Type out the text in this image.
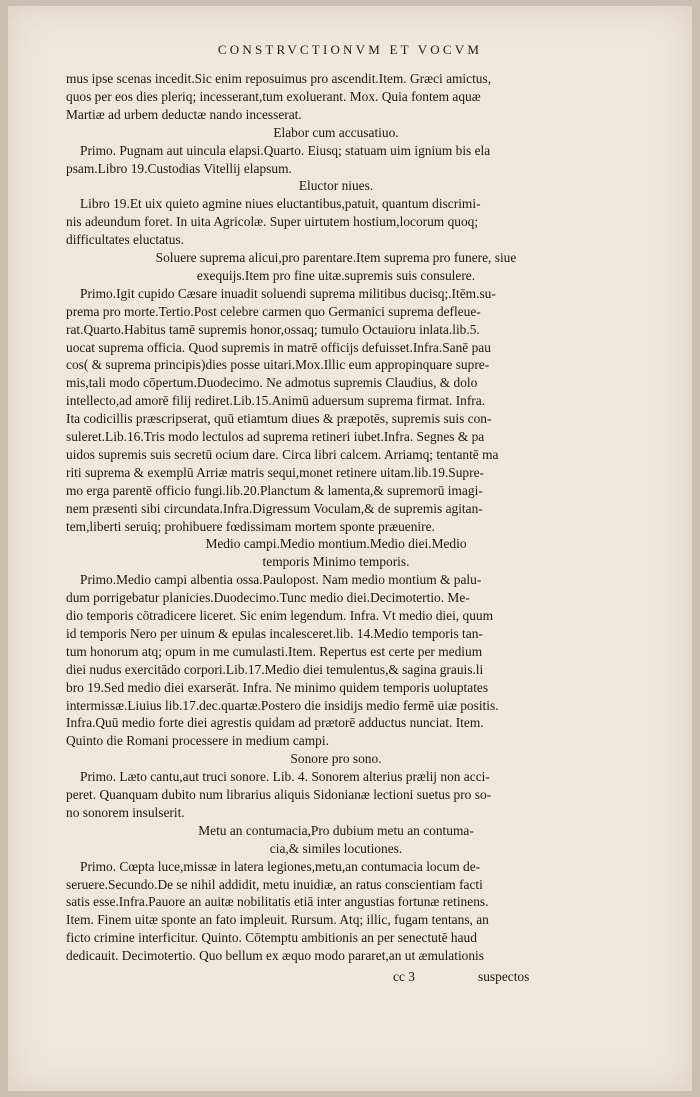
CONSTRVCTIONVM ET VOCVM
mus ipse scenas incedit.Sic enim reposuimus pro ascendit.Item. Græci amictus,
quos per eos dies pleriq; incesserant,tum exoluerant. Mox. Quia fontem aquæ
Martiæ ad urbem deductæ nando incesserat.
Elabor cum accusatiuo.
Primo. Pugnam aut uincula elapsi.Quarto. Eiusq; statuam uim ignium bis ela
psam.Libro 19.Custodias Vitellij elapsum.
Eluctor niues.
Libro 19.Et uix quieto agmine niues eluctantibus,patuit, quantum discrimi-
nis adeundum foret. In uita Agricolæ. Super uirtutem hostium,locorum quoq;
difficultates eluctatus.
Soluere suprema alicui,pro parentare.Item suprema pro funere, siue
exequijs.Item pro fine uitæ.supremis suis consulere.
Primo.Igit cupido Cæsare inuadit soluendi suprema militibus ducisq;.Itēm.su-
prema pro morte.Tertio.Post celebre carmen quo Germanici suprema defleue-
rat.Quarto.Habitus tamē supremis honor,ossaq; tumulo Octauioru inlata.lib.5.
uocat suprema officia. Quod supremis in matrē officijs defuisset.Infra.Sanē pau
cos( & suprema principis)dies posse uitari.Mox.Illic eum appropinquare supre-
mis,tali modo cōpertum.Duodecimo. Ne admotus supremis Claudius, & dolo
intellecto,ad amorē filij rediret.Lib.15.Animū aduersum suprema firmat. Infra.
Ita codicillis præscripserat, quū etiamtum diues & præpotēs, supremis suis con-
suleret.Lib.16.Tris modo lectulos ad suprema retineri iubet.Infra. Segnes & pa
uidos supremis suis secretū ocium dare. Circa libri calcem. Arriamq; tentantē ma
riti suprema & exemplū Arriæ matris sequi,monet retinere uitam.lib.19.Supre-
mo erga parentē officio fungi.lib.20.Planctum & lamenta,& supremorū imagi-
nem præsenti sibi circundata.Infra.Digressum Voculam,& de supremis agitan-
tem,liberti seruiq; prohibuere fœdissimam mortem sponte præuenire.
Medio campi.Medio montium.Medio diei.Medio
temporis Minimo temporis.
Primo.Medio campi albentia ossa.Paulopost. Nam medio montium & palu-
dum porrigebatur planicies.Duodecimo.Tunc medio diei.Decimotertio. Me-
dio temporis cōtradicere liceret. Sic enim legendum. Infra. Vt medio diei, quum
id temporis Nero per uinum & epulas incalesceret.lib. 14.Medio temporis tan-
tum honorum atq; opum in me cumulasti.Item. Repertus est certe per medium
diei nudus exercitādo corpori.Lib.17.Medio diei temulentus,& sagina grauis.li
bro 19.Sed medio diei exarserāt. Infra. Ne minimo quidem temporis uoluptates
intermissæ.Liuius lib.17.dec.quartæ.Postero die insidijs medio fermē uiæ positis.
Infra.Quū medio forte diei agrestis quidam ad prætorē adductus nunciat. Item.
Quinto die Romani processere in medium campi.
Sonore pro sono.
Primo. Læto cantu,aut truci sonore. Lib. 4. Sonorem alterius prælij non acci-
peret. Quanquam dubito num librarius aliquis Sidonianæ lectioni suetus pro so-
no sonorem insulserit.
Metu an contumacia,Pro dubium metu an contuma-
cia,& similes locutiones.
Primo. Cœpta luce,missæ in latera legiones,metu,an contumacia locum de-
seruere.Secundo.De se nihil addidit, metu inuidiæ, an ratus conscientiam facti
satis esse.Infra.Pauore an auitæ nobilitatis etiā inter angustias fortunæ retinens.
Item. Finem uitæ sponte an fato impleuit. Rursum. Atq; illic, fugam tentans, an
ficto crimine interficitur. Quinto. Cōtemptu ambitionis an per senectutē haud
dedicauit. Decimotertio. Quo bellum ex æquo modo pararet,an ut æmulationis
cc 3	suspectos
